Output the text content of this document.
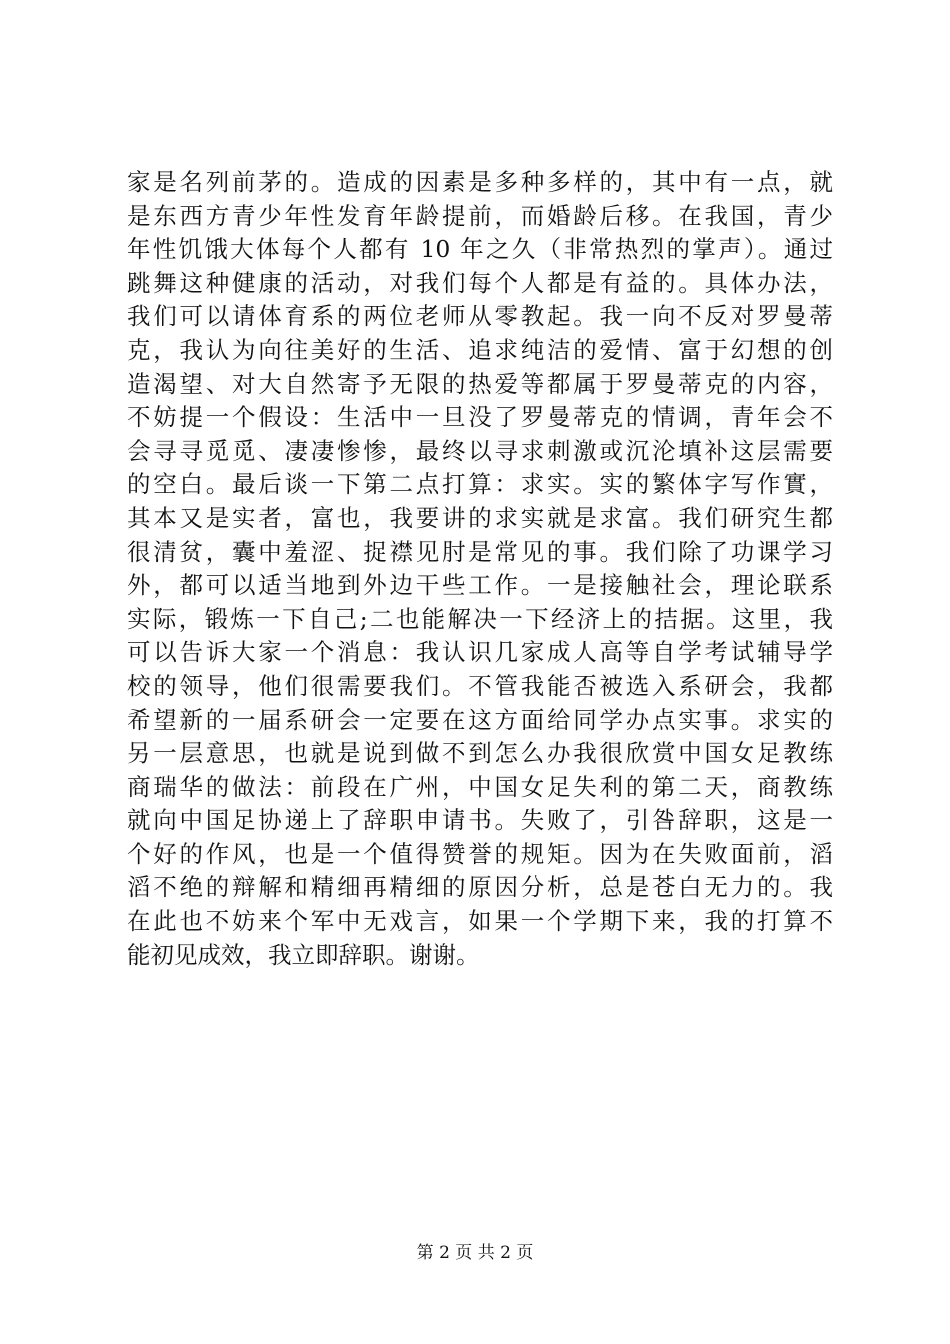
家是名列前茅的。造成的因素是多种多样的，其中有一点，就
是东西方青少年性发育年龄提前，而婚龄后移。在我国，青少
年性饥饿大体每个人都有 10 年之久（非常热烈的掌声）。通过
跳舞这种健康的活动，对我们每个人都是有益的。具体办法，
我们可以请体育系的两位老师从零教起。我一向不反对罗曼蒂
克，我认为向往美好的生活、追求纯洁的爱情、富于幻想的创
造渴望、对大自然寄予无限的热爱等都属于罗曼蒂克的内容，
不妨提一个假设：生活中一旦没了罗曼蒂克的情调，青年会不
会寻寻觅觅、凄凄惨惨，最终以寻求刺激或沉沦填补这层需要
的空白。最后谈一下第二点打算：求实。实的繁体字写作實，
其本又是实者，富也，我要讲的求实就是求富。我们研究生都
很清贫，囊中羞涩、捉襟见肘是常见的事。我们除了功课学习
外，都可以适当地到外边干些工作。一是接触社会，理论联系
实际，锻炼一下自己;二也能解决一下经济上的拮据。这里，我
可以告诉大家一个消息：我认识几家成人高等自学考试辅导学
校的领导，他们很需要我们。不管我能否被选入系研会，我都
希望新的一届系研会一定要在这方面给同学办点实事。求实的
另一层意思，也就是说到做不到怎么办我很欣赏中国女足教练
商瑞华的做法：前段在广州，中国女足失利的第二天，商教练
就向中国足协递上了辞职申请书。失败了，引咎辞职，这是一
个好的作风，也是一个值得赞誉的规矩。因为在失败面前，滔
滔不绝的辩解和精细再精细的原因分析，总是苍白无力的。我
在此也不妨来个军中无戏言，如果一个学期下来，我的打算不
能初见成效，我立即辞职。谢谢。
第 2 页 共 2 页
